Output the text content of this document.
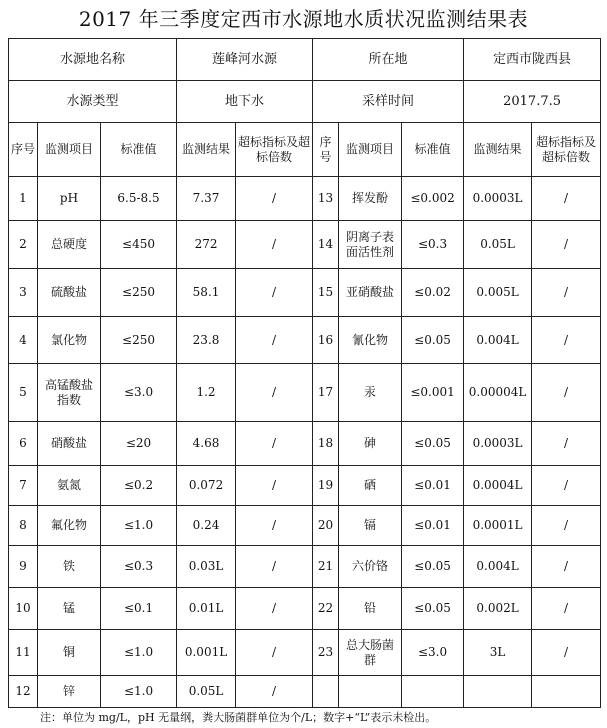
2017 年三季度定西市水源地水质状况监测结果表
水源地名称			莲峰河水源		所在地			定西市陇西县	
水源类型			地下水		采样时间			2017.7.5	
序号	监测项目	标准值	监测结果	超标指标及超标倍数	序号	监测项目	标准值	监测结果	超标指标及超标倍数
1	pH	6.5-8.5	7.37	/	13	挥发酚	≤0.002	0.0003L	/
2	总硬度	≤450	272	/	14	阴离子表面活性剂	≤0.3	0.05L	/
3	硫酸盐	≤250	58.1	/	15	亚硝酸盐	≤0.02	0.005L	/
4	氯化物	≤250	23.8	/	16	氰化物	≤0.05	0.004L	/
5	高锰酸盐指数	≤3.0	1.2	/	17	汞	≤0.001	0.00004L	/
6	硝酸盐	≤20	4.68	/	18	砷	≤0.05	0.0003L	/
7	氨氮	≤0.2	0.072	/	19	硒	≤0.01	0.0004L	/
8	氟化物	≤1.0	0.24	/	20	镉	≤0.01	0.0001L	/
9	铁	≤0.3	0.03L	/	21	六价铬	≤0.05	0.004L	/
10	锰	≤0.1	0.01L	/	22	铅	≤0.05	0.002L	/
11	铜	≤1.0	0.001L	/	23	总大肠菌群	≤3.0	3L	/
12	锌	≤1.0	0.05L	/					
注：单位为 mg/L，pH 无量纲，粪大肠菌群单位为个/L；数字+“L”表示未检出。
